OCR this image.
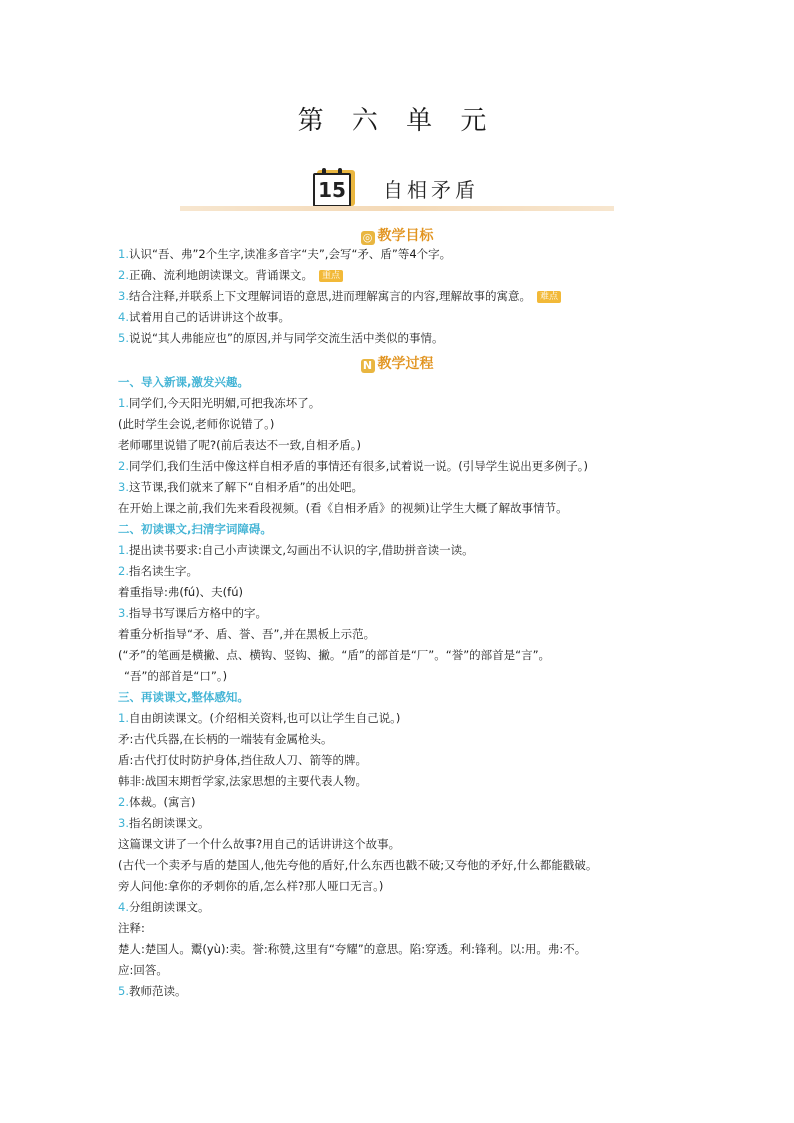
第 六 单 元
15 自相矛盾
◎ 教学目标
1.认识“吾、弗”2个生字,读准多音字“夫”,会写“矛、盾”等4个字。
2.正确、流利地朗读课文。背诵课文。 重点
3.结合注释,并联系上下文理解词语的意思,进而理解寓言的内容,理解故事的寓意。 难点
4.试着用自己的话讲讲这个故事。
5.说说“其人弗能应也”的原因,并与同学交流生活中类似的事情。
N 教学过程
一、导入新课,激发兴趣。
1.同学们,今天阳光明媚,可把我冻坏了。
(此时学生会说,老师你说错了。)
老师哪里说错了呢?(前后表达不一致,自相矛盾。)
2.同学们,我们生活中像这样自相矛盾的事情还有很多,试着说一说。(引导学生说出更多例子。)
3.这节课,我们就来了解下“自相矛盾”的出处吧。
在开始上课之前,我们先来看段视频。(看《自相矛盾》的视频)让学生大概了解故事情节。
二、初读课文,扫清字词障碍。
1.提出读书要求:自己小声读课文,勾画出不认识的字,借助拼音读一读。
2.指名读生字。
着重指导:弗(fú)、夫(fú)
3.指导书写课后方格中的字。
着重分析指导“矛、盾、誉、吾”,并在黑板上示范。
(“矛”的笔画是横撇、点、横钩、竖钩、撇。“盾”的部首是“厂”。“誉”的部首是“言”。
“吾”的部首是“口”。)
三、再读课文,整体感知。
1.自由朗读课文。(介绍相关资料,也可以让学生自己说。)
矛:古代兵器,在长柄的一端装有金属枪头。
盾:古代打仗时防护身体,挡住敌人刀、箭等的牌。
韩非:战国末期哲学家,法家思想的主要代表人物。
2.体裁。(寓言)
3.指名朗读课文。
这篇课文讲了一个什么故事?用自己的话讲讲这个故事。
(古代一个卖矛与盾的楚国人,他先夸他的盾好,什么东西也戳不破;又夸他的矛好,什么都能戳破。
旁人问他:拿你的矛刺你的盾,怎么样?那人哑口无言。)
4.分组朗读课文。
注释:
楚人:楚国人。鬻(yù):卖。誉:称赞,这里有“夸耀”的意思。陷:穿透。利:锋利。以:用。弗:不。
应:回答。
5.教师范读。
